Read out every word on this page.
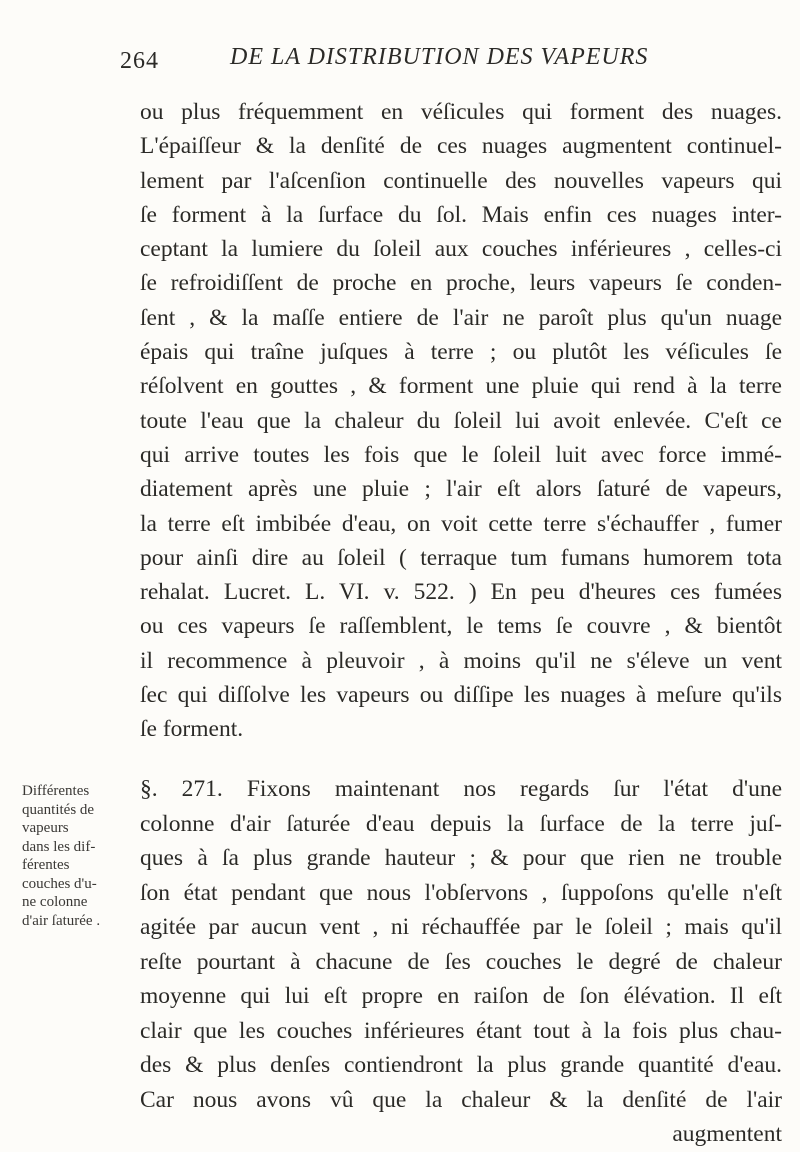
264	DE LA DISTRIBUTION DES VAPEURS
ou plus fréquemment en véſicules qui forment des nuages.
L'épaiſſeur & la denſité de ces nuages augmentent continuel-
lement par l'aſcenſion continuelle des nouvelles vapeurs qui
ſe forment à la ſurface du ſol. Mais enfin ces nuages inter-
ceptant la lumiere du ſoleil aux couches inférieures , celles-ci
ſe refroidiſſent de proche en proche, leurs vapeurs ſe conden-
ſent , & la maſſe entiere de l'air ne paroît plus qu'un nuage
épais qui traîne juſques à terre ; ou plutôt les véſicules ſe
réſolvent en gouttes , & forment une pluie qui rend à la terre
toute l'eau que la chaleur du ſoleil lui avoit enlevée. C'eſt ce
qui arrive toutes les fois que le ſoleil luit avec force immé-
diatement après une pluie ; l'air eſt alors ſaturé de vapeurs,
la terre eſt imbibée d'eau, on voit cette terre s'échauffer , fumer
pour ainſi dire au ſoleil ( terraque tum fumans humorem tota
rehalat. Lucret. L. VI. v. 522. ) En peu d'heures ces fumées
ou ces vapeurs ſe raſſemblent, le tems ſe couvre , & bientôt
il recommence à pleuvoir , à moins qu'il ne s'éleve un vent
ſec qui diſſolve les vapeurs ou diſſipe les nuages à meſure qu'ils
ſe forment.
Différentes
quantités de
vapeurs
dans les dif-
férentes
couches d'u-
ne colonne
d'air ſaturée .
§. 271. Fixons maintenant nos regards ſur l'état d'une
colonne d'air ſaturée d'eau depuis la ſurface de la terre juſ-
ques à ſa plus grande hauteur ; & pour que rien ne trouble
ſon état pendant que nous l'obſervons , ſuppoſons qu'elle n'eſt
agitée par aucun vent , ni réchauffée par le ſoleil ; mais qu'il
reſte pourtant à chacune de ſes couches le degré de chaleur
moyenne qui lui eſt propre en raiſon de ſon élévation. Il eſt
clair que les couches inférieures étant tout à la fois plus chau-
des & plus denſes contiendront la plus grande quantité d'eau.
Car nous avons vû que la chaleur & la denſité de l'air
augmentent
